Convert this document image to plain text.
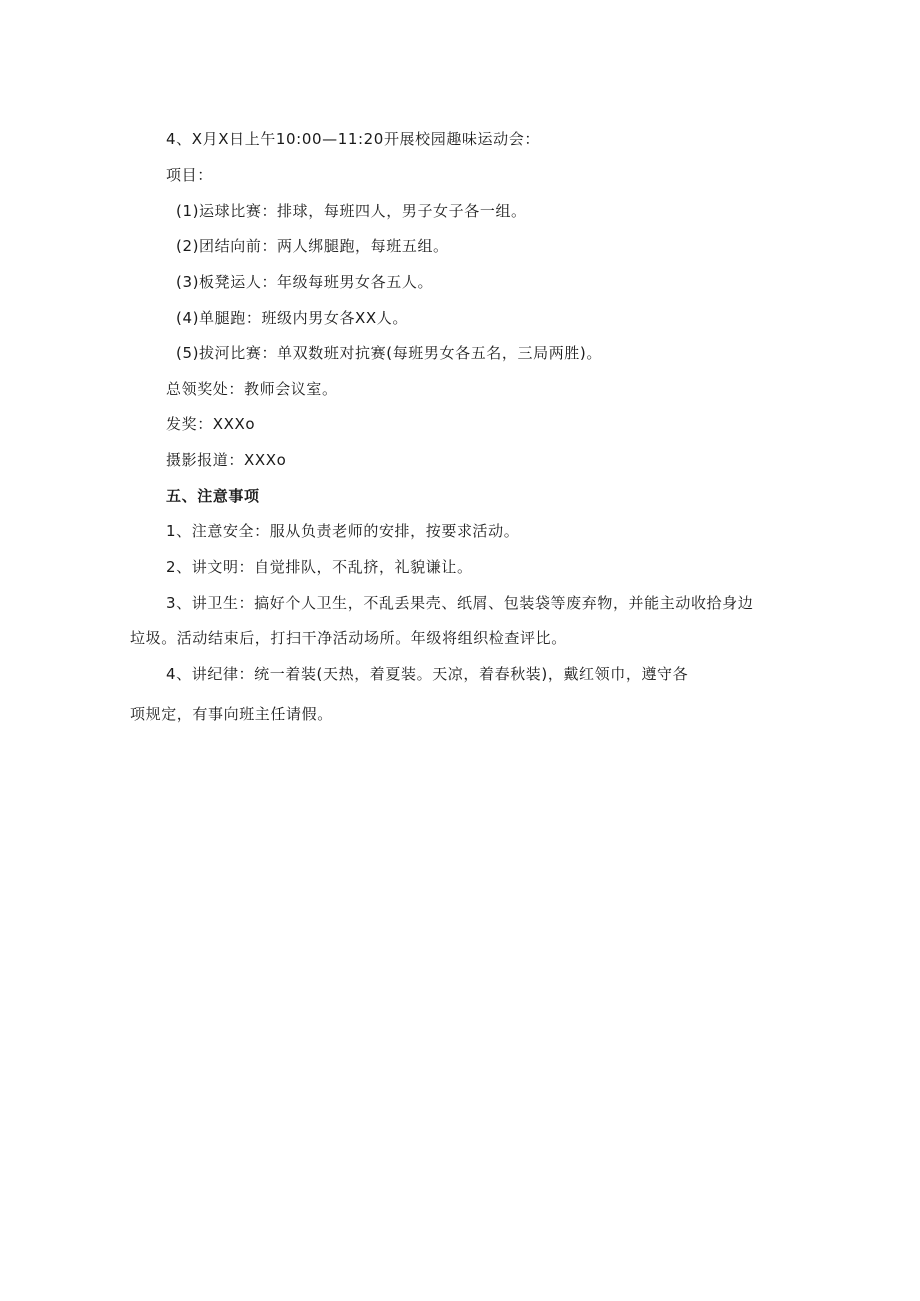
4、X月X日上午10:00—11:20开展校园趣味运动会：
项目：
(1)运球比赛：排球，每班四人，男子女子各一组。
(2)团结向前：两人绑腿跑，每班五组。
(3)板凳运人：年级每班男女各五人。
(4)单腿跑：班级内男女各XX人。
(5)拔河比赛：单双数班对抗赛(每班男女各五名，三局两胜)。
总领奖处：教师会议室。
发奖：XXXo
摄影报道：XXXo
五、注意事项
1、注意安全：服从负责老师的安排，按要求活动。
2、讲文明：自觉排队，不乱挤，礼貌谦让。
3、讲卫生：搞好个人卫生，不乱丢果壳、纸屑、包装袋等废弃物，并能主动收拾身边
垃圾。活动结束后，打扫干净活动场所。年级将组织检查评比。
4、讲纪律：统一着装(天热，着夏装。天凉，着春秋装)，戴红领巾，遵守各
项规定，有事向班主任请假。
